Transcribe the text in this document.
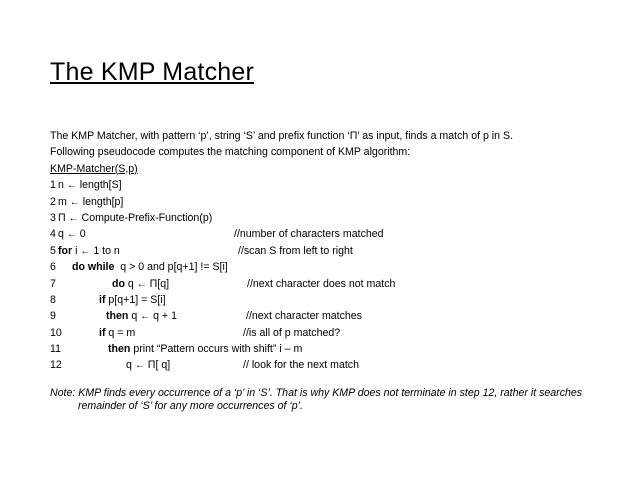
The KMP Matcher
The KMP Matcher, with pattern ‘p’, string ‘S’ and prefix function ‘Π’ as input, finds a match of p in S.
Following pseudocode computes the matching component of KMP algorithm:
KMP-Matcher(S,p)
1 n ← length[S]
2 m ← length[p]
3 Π ← Compute-Prefix-Function(p)
4 q ← 0	//number of characters matched
5 for i ← 1 to n	//scan S from left to right
6 do while q > 0 and p[q+1] != S[i]
7	do q ← Π[q]	//next character does not match
8	if p[q+1] = S[i]
9	then q ← q + 1	//next character matches
10	if q = m	//is all of p matched?
11	then print “Pattern occurs with shift” i – m
12	q ← Π[ q]	// look for the next match
Note: KMP finds every occurrence of a ‘p’ in ‘S’. That is why KMP does not terminate in step 12, rather it searches
remainder of ‘S’ for any more occurrences of ‘p’.
